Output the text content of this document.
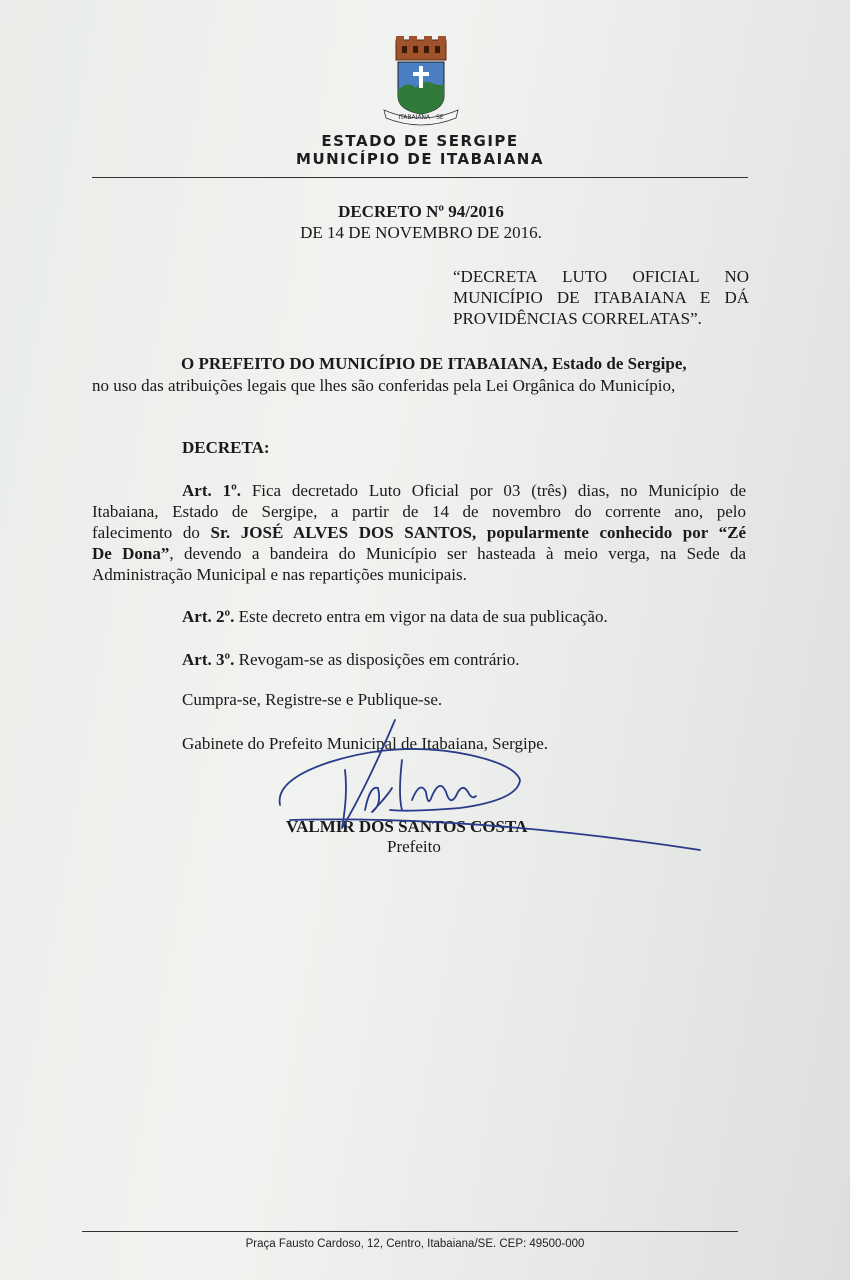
ITABAIANA - SE
ESTADO DE SERGIPE
MUNICÍPIO DE ITABAIANA
DECRETO Nº 94/2016
DE 14 DE NOVEMBRO DE 2016.
“DECRETA LUTO OFICIAL NO
MUNICÍPIO DE ITABAIANA E DÁ
PROVIDÊNCIAS CORRELATAS”.
O PREFEITO DO MUNICÍPIO DE ITABAIANA, Estado de Sergipe,
no uso das atribuições legais que lhes são conferidas pela Lei Orgânica do Município,
DECRETA:
Art. 1º. Fica decretado Luto Oficial por 03 (três) dias, no Município de
Itabaiana, Estado de Sergipe, a partir de 14 de novembro do corrente ano, pelo
falecimento do Sr. JOSÉ ALVES DOS SANTOS, popularmente conhecido por “Zé
De Dona”, devendo a bandeira do Município ser hasteada à meio verga, na Sede da
Administração Municipal e nas repartições municipais.
Art. 2º. Este decreto entra em vigor na data de sua publicação.
Art. 3º. Revogam-se as disposições em contrário.
Cumpra-se, Registre-se e Publique-se.
Gabinete do Prefeito Municipal de Itabaiana, Sergipe.
VALMIR DOS SANTOS COSTA
Prefeito
Praça Fausto Cardoso, 12, Centro, Itabaiana/SE. CEP: 49500-000
